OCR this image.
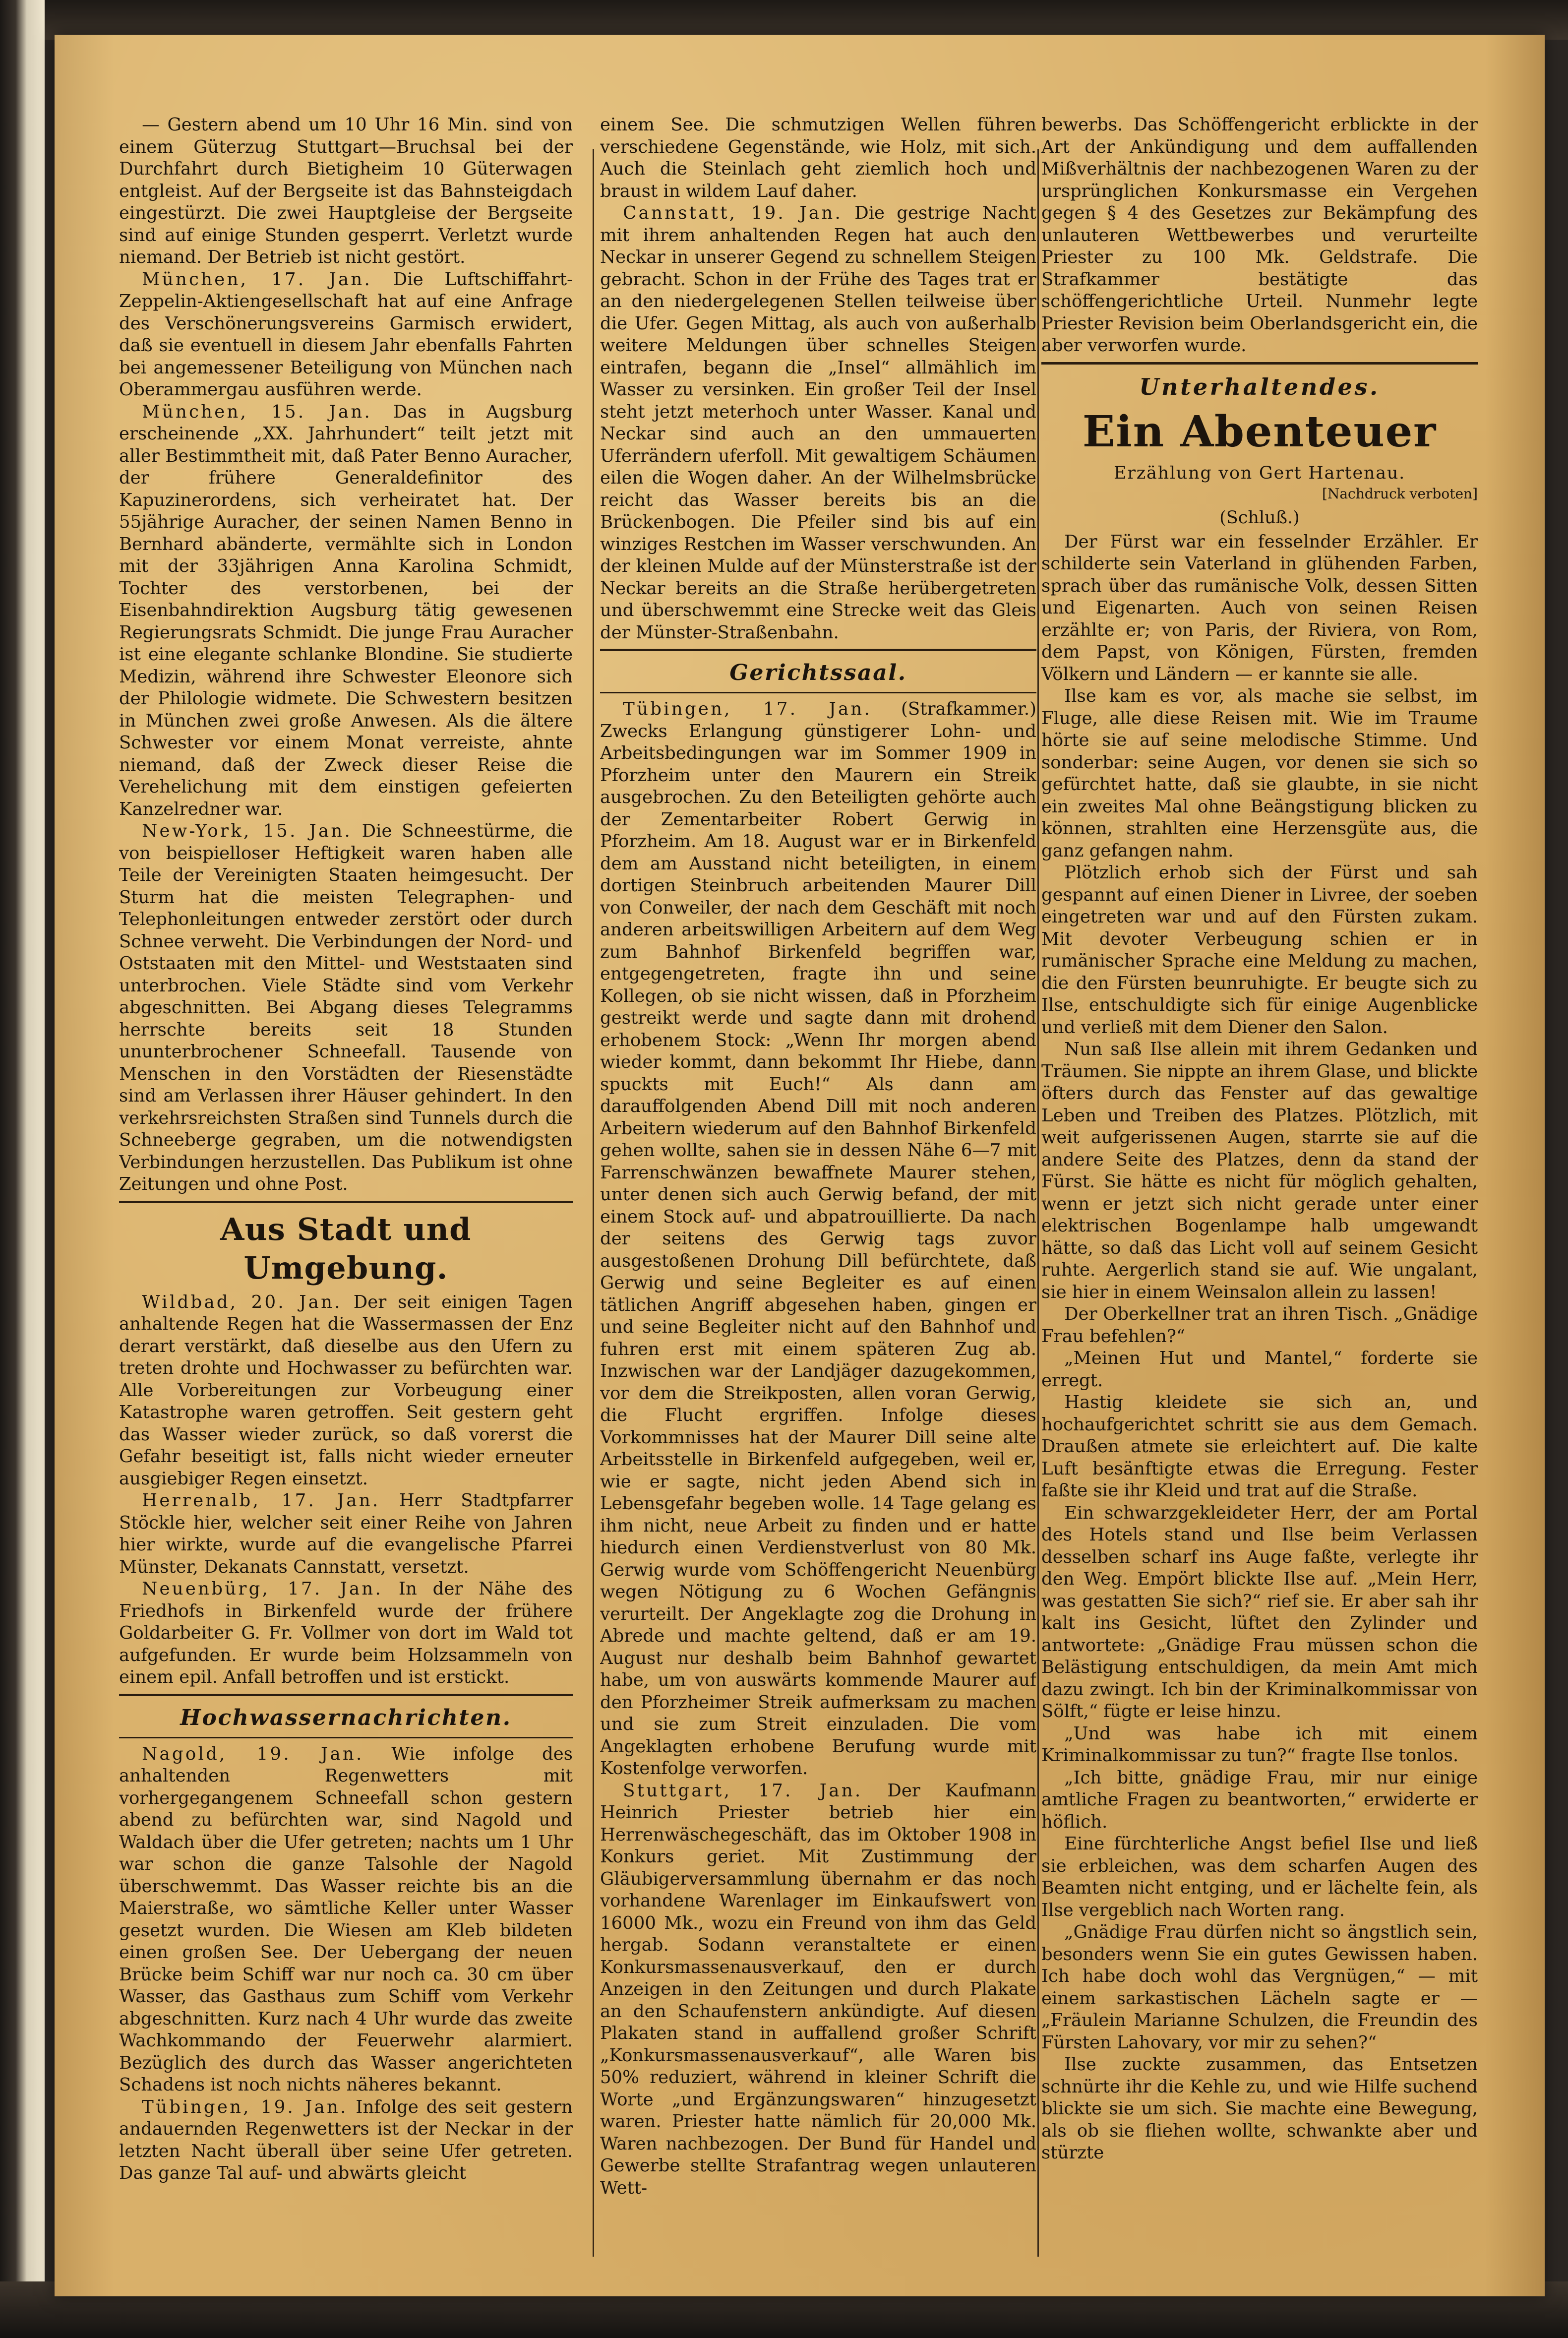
— Gestern abend um 10 Uhr 16 Min. sind von einem Güterzug Stuttgart—Bruchsal bei der Durchfahrt durch Bietigheim 10 Güterwagen entgleist. Auf der Bergseite ist das Bahnsteigdach eingestürzt. Die zwei Hauptgleise der Bergseite sind auf einige Stunden gesperrt. Verletzt wurde niemand. Der Betrieb ist nicht gestört.

München, 17. Jan. Die Luftschiffahrt-Zeppelin-Aktiengesellschaft hat auf eine Anfrage des Verschönerungsvereins Garmisch erwidert, daß sie eventuell in diesem Jahr ebenfalls Fahrten bei angemessener Beteiligung von München nach Oberammergau ausführen werde.

München, 15. Jan. Das in Augsburg erscheinende „XX. Jahrhundert“ teilt jetzt mit aller Bestimmtheit mit, daß Pater Benno Auracher, der frühere Generaldefinitor des Kapuzinerordens, sich verheiratet hat. Der 55jährige Auracher, der seinen Namen Benno in Bernhard abänderte, vermählte sich in London mit der 33jährigen Anna Karolina Schmidt, Tochter des verstorbenen, bei der Eisenbahndirektion Augsburg tätig gewesenen Regierungsrats Schmidt. Die junge Frau Auracher ist eine elegante schlanke Blondine. Sie studierte Medizin, während ihre Schwester Eleonore sich der Philologie widmete. Die Schwestern besitzen in München zwei große Anwesen. Als die ältere Schwester vor einem Monat verreiste, ahnte niemand, daß der Zweck dieser Reise die Verehelichung mit dem einstigen gefeierten Kanzelredner war.

New-York, 15. Jan. Die Schneestürme, die von beispielloser Heftigkeit waren haben alle Teile der Vereinigten Staaten heimgesucht. Der Sturm hat die meisten Telegraphen- und Telephonleitungen entweder zerstört oder durch Schnee verweht. Die Verbindungen der Nord- und Oststaaten mit den Mittel- und Weststaaten sind unterbrochen. Viele Städte sind vom Verkehr abgeschnitten. Bei Abgang dieses Telegramms herrschte bereits seit 18 Stunden ununterbrochener Schneefall. Tausende von Menschen in den Vorstädten der Riesenstädte sind am Verlassen ihrer Häuser gehindert. In den verkehrsreichsten Straßen sind Tunnels durch die Schneeberge gegraben, um die notwendigsten Verbindungen herzustellen. Das Publikum ist ohne Zeitungen und ohne Post.

Aus Stadt und Umgebung.

Wildbad, 20. Jan. Der seit einigen Tagen anhaltende Regen hat die Wassermassen der Enz derart verstärkt, daß dieselbe aus den Ufern zu treten drohte und Hochwasser zu befürchten war. Alle Vorbereitungen zur Vorbeugung einer Katastrophe waren getroffen. Seit gestern geht das Wasser wieder zurück, so daß vorerst die Gefahr beseitigt ist, falls nicht wieder erneuter ausgiebiger Regen einsetzt.

Herrenalb, 17. Jan. Herr Stadtpfarrer Stöckle hier, welcher seit einer Reihe von Jahren hier wirkte, wurde auf die evangelische Pfarrei Münster, Dekanats Cannstatt, versetzt.

Neuenbürg, 17. Jan. In der Nähe des Friedhofs in Birkenfeld wurde der frühere Goldarbeiter G. Fr. Vollmer von dort im Wald tot aufgefunden. Er wurde beim Holzsammeln von einem epil. Anfall betroffen und ist erstickt.

Hochwassernachrichten.

Nagold, 19. Jan. Wie infolge des anhaltenden Regenwetters mit vorhergegangenem Schneefall schon gestern abend zu befürchten war, sind Nagold und Waldach über die Ufer getreten; nachts um 1 Uhr war schon die ganze Talsohle der Nagold überschwemmt. Das Wasser reichte bis an die Maierstraße, wo sämtliche Keller unter Wasser gesetzt wurden. Die Wiesen am Kleb bildeten einen großen See. Der Uebergang der neuen Brücke beim Schiff war nur noch ca. 30 cm über Wasser, das Gasthaus zum Schiff vom Verkehr abgeschnitten. Kurz nach 4 Uhr wurde das zweite Wachkommando der Feuerwehr alarmiert. Bezüglich des durch das Wasser angerichteten Schadens ist noch nichts näheres bekannt.

Tübingen, 19. Jan. Infolge des seit gestern andauernden Regenwetters ist der Neckar in der letzten Nacht überall über seine Ufer getreten. Das ganze Tal auf- und abwärts gleicht

einem See. Die schmutzigen Wellen führen verschiedene Gegenstände, wie Holz, mit sich. Auch die Steinlach geht ziemlich hoch und braust in wildem Lauf daher.

Cannstatt, 19. Jan. Die gestrige Nacht mit ihrem anhaltenden Regen hat auch den Neckar in unserer Gegend zu schnellem Steigen gebracht. Schon in der Frühe des Tages trat er an den niedergelegenen Stellen teilweise über die Ufer. Gegen Mittag, als auch von außerhalb weitere Meldungen über schnelles Steigen eintrafen, begann die „Insel“ allmählich im Wasser zu versinken. Ein großer Teil der Insel steht jetzt meterhoch unter Wasser. Kanal und Neckar sind auch an den ummauerten Uferrändern uferfoll. Mit gewaltigem Schäumen eilen die Wogen daher. An der Wilhelmsbrücke reicht das Wasser bereits bis an die Brückenbogen. Die Pfeiler sind bis auf ein winziges Restchen im Wasser verschwunden. An der kleinen Mulde auf der Münsterstraße ist der Neckar bereits an die Straße herübergetreten und überschwemmt eine Strecke weit das Gleis der Münster-Straßenbahn.

Gerichtssaal.

Tübingen, 17. Jan. (Strafkammer.) Zwecks Erlangung günstigerer Lohn- und Arbeitsbedingungen war im Sommer 1909 in Pforzheim unter den Maurern ein Streik ausgebrochen. Zu den Beteiligten gehörte auch der Zementarbeiter Robert Gerwig in Pforzheim. Am 18. August war er in Birkenfeld dem am Ausstand nicht beteiligten, in einem dortigen Steinbruch arbeitenden Maurer Dill von Conweiler, der nach dem Geschäft mit noch anderen arbeitswilligen Arbeitern auf dem Weg zum Bahnhof Birkenfeld begriffen war, entgegengetreten, fragte ihn und seine Kollegen, ob sie nicht wissen, daß in Pforzheim gestreikt werde und sagte dann mit drohend erhobenem Stock: „Wenn Ihr morgen abend wieder kommt, dann bekommt Ihr Hiebe, dann spuckts mit Euch!“ Als dann am darauffolgenden Abend Dill mit noch anderen Arbeitern wiederum auf den Bahnhof Birkenfeld gehen wollte, sahen sie in dessen Nähe 6—7 mit Farrenschwänzen bewaffnete Maurer stehen, unter denen sich auch Gerwig befand, der mit einem Stock auf- und abpatrouillierte. Da nach der seitens des Gerwig tags zuvor ausgestoßenen Drohung Dill befürchtete, daß Gerwig und seine Begleiter es auf einen tätlichen Angriff abgesehen haben, gingen er und seine Begleiter nicht auf den Bahnhof und fuhren erst mit einem späteren Zug ab. Inzwischen war der Landjäger dazugekommen, vor dem die Streikposten, allen voran Gerwig, die Flucht ergriffen. Infolge dieses Vorkommnisses hat der Maurer Dill seine alte Arbeitsstelle in Birkenfeld aufgegeben, weil er, wie er sagte, nicht jeden Abend sich in Lebensgefahr begeben wolle. 14 Tage gelang es ihm nicht, neue Arbeit zu finden und er hatte hiedurch einen Verdienstverlust von 80 Mk. Gerwig wurde vom Schöffengericht Neuenbürg wegen Nötigung zu 6 Wochen Gefängnis verurteilt. Der Angeklagte zog die Drohung in Abrede und machte geltend, daß er am 19. August nur deshalb beim Bahnhof gewartet habe, um von auswärts kommende Maurer auf den Pforzheimer Streik aufmerksam zu machen und sie zum Streit einzuladen. Die vom Angeklagten erhobene Berufung wurde mit Kostenfolge verworfen.

Stuttgart, 17. Jan. Der Kaufmann Heinrich Priester betrieb hier ein Herrenwäschegeschäft, das im Oktober 1908 in Konkurs geriet. Mit Zustimmung der Gläubigerversammlung übernahm er das noch vorhandene Warenlager im Einkaufswert von 16000 Mk., wozu ein Freund von ihm das Geld hergab. Sodann veranstaltete er einen Konkursmassenausverkauf, den er durch Anzeigen in den Zeitungen und durch Plakate an den Schaufenstern ankündigte. Auf diesen Plakaten stand in auffallend großer Schrift „Konkursmassenausverkauf“, alle Waren bis 50% reduziert, während in kleiner Schrift die Worte „und Ergänzungswaren“ hinzugesetzt waren. Priester hatte nämlich für 20,000 Mk. Waren nachbezogen. Der Bund für Handel und Gewerbe stellte Strafantrag wegen unlauteren Wett-

bewerbs. Das Schöffengericht erblickte in der Art der Ankündigung und dem auffallenden Mißverhältnis der nachbezogenen Waren zu der ursprünglichen Konkursmasse ein Vergehen gegen § 4 des Gesetzes zur Bekämpfung des unlauteren Wettbewerbes und verurteilte Priester zu 100 Mk. Geldstrafe. Die Strafkammer bestätigte das schöffengerichtliche Urteil. Nunmehr legte Priester Revision beim Oberlandsgericht ein, die aber verworfen wurde.

Unterhaltendes.
Ein Abenteuer
Erzählung von Gert Hartenau.
[Nachdruck verboten]
(Schluß.)

Der Fürst war ein fesselnder Erzähler. Er schilderte sein Vaterland in glühenden Farben, sprach über das rumänische Volk, dessen Sitten und Eigenarten. Auch von seinen Reisen erzählte er; von Paris, der Riviera, von Rom, dem Papst, von Königen, Fürsten, fremden Völkern und Ländern — er kannte sie alle.

Ilse kam es vor, als mache sie selbst, im Fluge, alle diese Reisen mit. Wie im Traume hörte sie auf seine melodische Stimme. Und sonderbar: seine Augen, vor denen sie sich so gefürchtet hatte, daß sie glaubte, in sie nicht ein zweites Mal ohne Beängstigung blicken zu können, strahlten eine Herzensgüte aus, die ganz gefangen nahm.

Plötzlich erhob sich der Fürst und sah gespannt auf einen Diener in Livree, der soeben eingetreten war und auf den Fürsten zukam. Mit devoter Verbeugung schien er in rumänischer Sprache eine Meldung zu machen, die den Fürsten beunruhigte. Er beugte sich zu Ilse, entschuldigte sich für einige Augenblicke und verließ mit dem Diener den Salon.

Nun saß Ilse allein mit ihrem Gedanken und Träumen. Sie nippte an ihrem Glase, und blickte öfters durch das Fenster auf das gewaltige Leben und Treiben des Platzes. Plötzlich, mit weit aufgerissenen Augen, starrte sie auf die andere Seite des Platzes, denn da stand der Fürst. Sie hätte es nicht für möglich gehalten, wenn er jetzt sich nicht gerade unter einer elektrischen Bogenlampe halb umgewandt hätte, so daß das Licht voll auf seinem Gesicht ruhte. Aergerlich stand sie auf. Wie ungalant, sie hier in einem Weinsalon allein zu lassen!

Der Oberkellner trat an ihren Tisch. „Gnädige Frau befehlen?“

„Meinen Hut und Mantel,“ forderte sie erregt.

Hastig kleidete sie sich an, und hochaufgerichtet schritt sie aus dem Gemach. Draußen atmete sie erleichtert auf. Die kalte Luft besänftigte etwas die Erregung. Fester faßte sie ihr Kleid und trat auf die Straße.

Ein schwarzgekleideter Herr, der am Portal des Hotels stand und Ilse beim Verlassen desselben scharf ins Auge faßte, verlegte ihr den Weg. Empört blickte Ilse auf. „Mein Herr, was gestatten Sie sich?“ rief sie. Er aber sah ihr kalt ins Gesicht, lüftet den Zylinder und antwortete: „Gnädige Frau müssen schon die Belästigung entschuldigen, da mein Amt mich dazu zwingt. Ich bin der Kriminalkommissar von Sölft,“ fügte er leise hinzu.

„Und was habe ich mit einem Kriminalkommissar zu tun?“ fragte Ilse tonlos.

„Ich bitte, gnädige Frau, mir nur einige amtliche Fragen zu beantworten,“ erwiderte er höflich.

Eine fürchterliche Angst befiel Ilse und ließ sie erbleichen, was dem scharfen Augen des Beamten nicht entging, und er lächelte fein, als Ilse vergeblich nach Worten rang.

„Gnädige Frau dürfen nicht so ängstlich sein, besonders wenn Sie ein gutes Gewissen haben. Ich habe doch wohl das Vergnügen,“ — mit einem sarkastischen Lächeln sagte er — „Fräulein Marianne Schulzen, die Freundin des Fürsten Lahovary, vor mir zu sehen?“

Ilse zuckte zusammen, das Entsetzen schnürte ihr die Kehle zu, und wie Hilfe suchend blickte sie um sich. Sie machte eine Bewegung, als ob sie fliehen wollte, schwankte aber und stürzte
